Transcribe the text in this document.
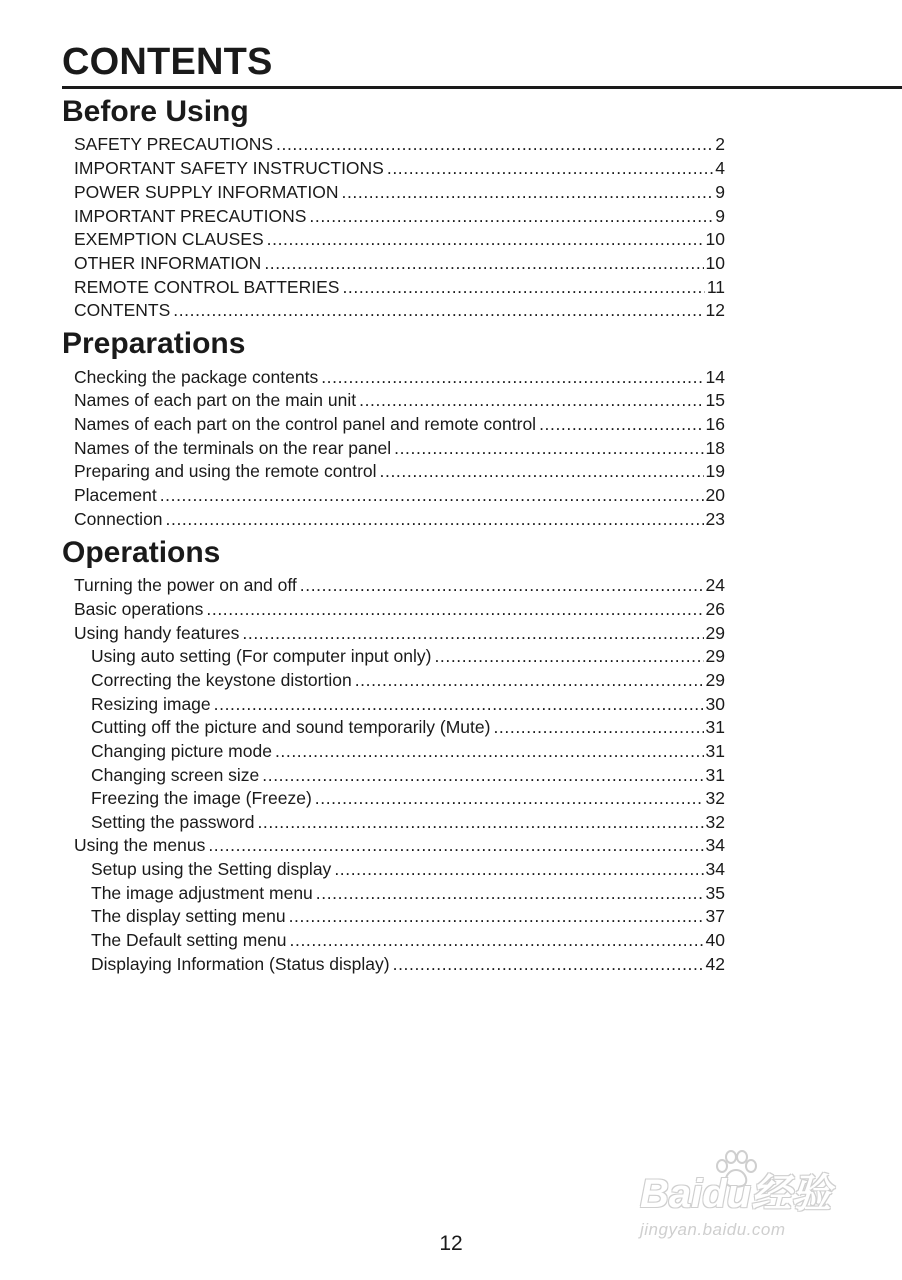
CONTENTS
Before Using
SAFETY PRECAUTIONS .....	2
IMPORTANT SAFETY INSTRUCTIONS .....	4
POWER SUPPLY INFORMATION .....	9
IMPORTANT PRECAUTIONS .....	9
EXEMPTION CLAUSES .....	10
OTHER INFORMATION .....	10
REMOTE CONTROL BATTERIES .....	11
CONTENTS .....	12
Preparations
Checking the package contents .....	14
Names of each part on the main unit .....	15
Names of each part on the control panel and remote control .....	16
Names of the terminals on the rear panel .....	18
Preparing and using the remote control .....	19
Placement .....	20
Connection .....	23
Operations
Turning the power on and off .....	24
Basic operations .....	26
Using handy features .....	29
Using auto setting (For computer input only) .....	29
Correcting the keystone distortion .....	29
Resizing image .....	30
Cutting off the picture and sound temporarily (Mute) .....	31
Changing picture mode .....	31
Changing screen size .....	31
Freezing the image (Freeze) .....	32
Setting the password .....	32
Using the menus .....	34
Setup using the Setting display .....	34
The image adjustment menu .....	35
The display setting menu .....	37
The Default setting menu .....	40
Displaying Information (Status display) .....	42
Baidu经验
jingyan.baidu.com
12
